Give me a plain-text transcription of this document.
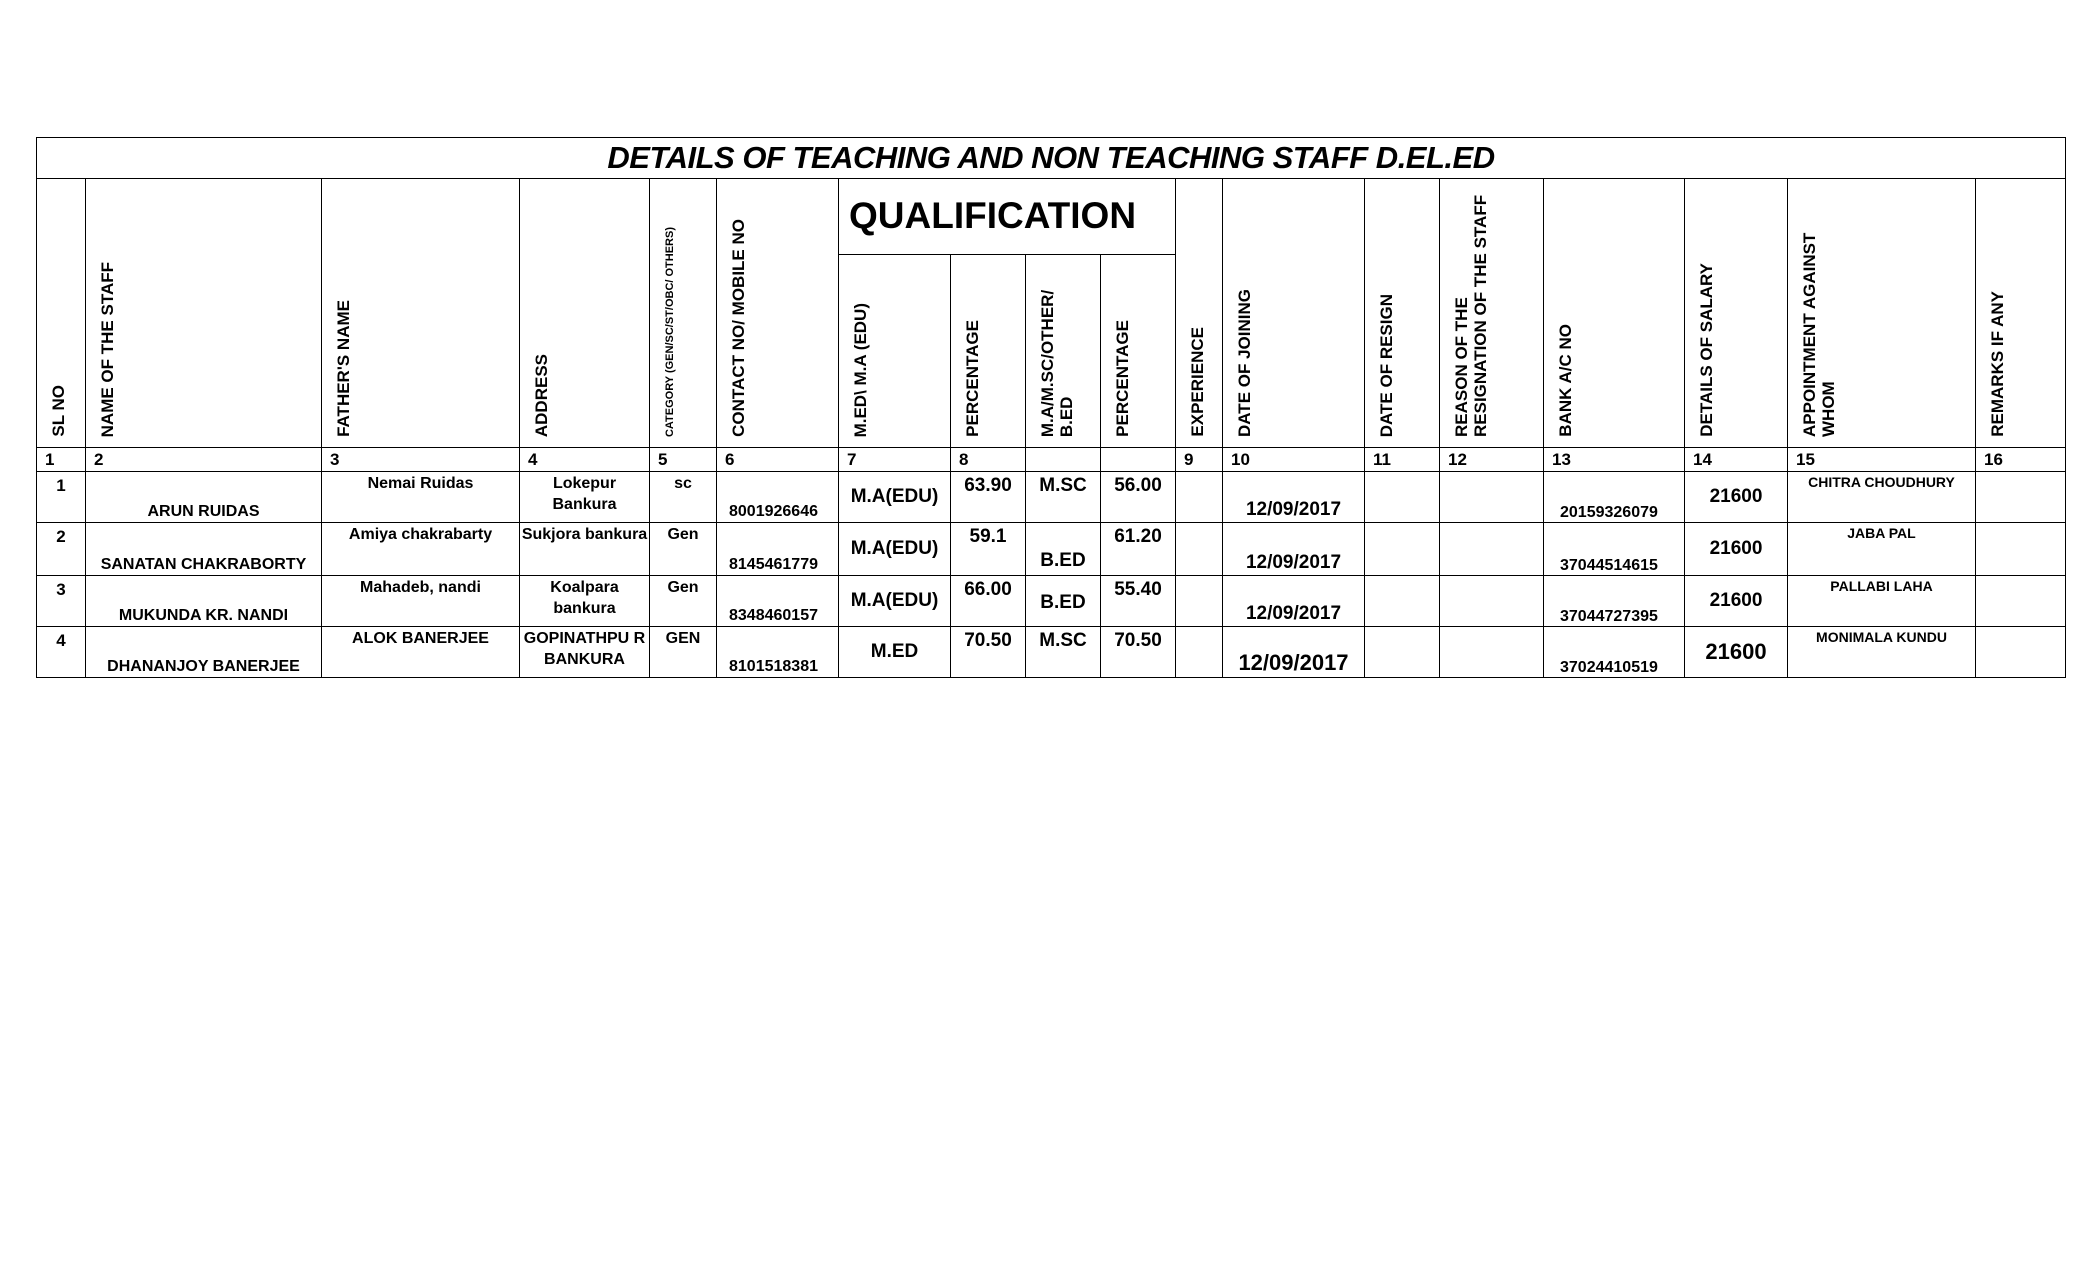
DETAILS OF TEACHING AND NON TEACHING STAFF D.EL.ED																	

SL NO	NAME OF THE STAFF	FATHER'S NAME	ADDRESS	CATEGORY (GEN/SC/ST/OBC/ OTHERS)	CONTACT NO/ MOBILE NO	QUALIFICATION				EXPERIENCE	DATE OF JOINING	DATE OF RESIGN	REASON OF THE RESIGNATION OF THE STAFF	BANK A/C NO	DETAILS OF SALARY	APPOINTMENT AGAINST WHOM	REMARKS IF ANY

						M.ED\ M.A (EDU)	PERCENTAGE	M.A/M.SC/OTHER/ B.ED	PERCENTAGE								

1	2	3	4	5	6	7	8			9	10	11	12	13	14	15	16
1	ARUN RUIDAS	Nemai Ruidas	Lokepur Bankura	sc	8001926646	M.A(EDU)	63.90	M.SC	56.00		12/09/2017			20159326079	21600	CHITRA CHOUDHURY	
2	SANATAN CHAKRABORTY	Amiya chakrabarty	Sukjora bankura	Gen	8145461779	M.A(EDU)	59.1	B.ED	61.20		12/09/2017			37044514615	21600	JABA PAL	
3	MUKUNDA KR. NANDI	Mahadeb, nandi	Koalpara bankura	Gen	8348460157	M.A(EDU)	66.00	B.ED	55.40		12/09/2017			37044727395	21600	PALLABI LAHA	
4	DHANANJOY BANERJEE	ALOK BANERJEE	GOPINATHPU R BANKURA	GEN	8101518381	M.ED	70.50	M.SC	70.50		12/09/2017			37024410519	21600	MONIMALA KUNDU	
